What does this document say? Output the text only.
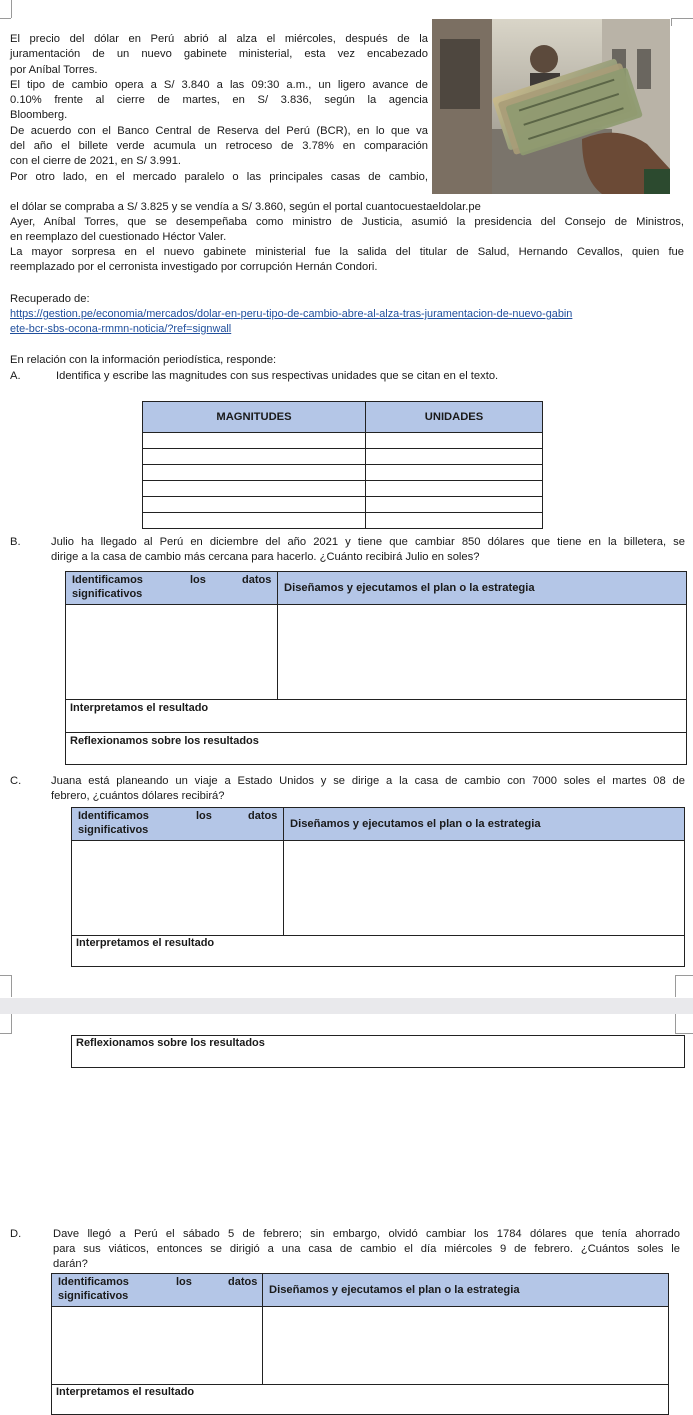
El precio del dólar en Perú abrió al alza el miércoles, después de la

juramentación de un nuevo gabinete ministerial, esta vez encabezado

por Aníbal Torres.

El tipo de cambio opera a S/ 3.840 a las 09:30 a.m., un ligero avance de

0.10% frente al cierre de martes, en S/ 3.836, según la agencia

Bloomberg.

De acuerdo con el Banco Central de Reserva del Perú (BCR), en lo que va

del año el billete verde acumula un retroceso de 3.78% en comparación

con el cierre de 2021, en S/ 3.991.

Por otro lado, en el mercado paralelo o las principales casas de cambio,

el dólar se compraba a S/ 3.825 y se vendía a S/ 3.860, según el portal cuantocuestaeldolar.pe

Ayer, Aníbal Torres, que se desempeñaba como ministro de Justicia, asumió la presidencia del Consejo de Ministros,

en reemplazo del cuestionado Héctor Valer.

La mayor sorpresa en el nuevo gabinete ministerial fue la salida del titular de Salud, Hernando Cevallos, quien fue

reemplazado por el cerronista investigado por corrupción Hernán Condori.

Recuperado de:

https://gestion.pe/economia/mercados/dolar-en-peru-tipo-de-cambio-abre-al-alza-tras-juramentacion-de-nuevo-gabin
ete-bcr-sbs-ocona-rmmn-noticia/?ref=signwall

En relación con la información periodística, responde:

A.	Identifica y escribe las magnitudes con sus respectivas unidades que se citan en el texto.

MAGNITUDES	UNIDADES

B.	Julio ha llegado al Perú en diciembre del año 2021 y tiene que cambiar 850 dólares que tiene en la billetera, se

dirige a la casa de cambio más cercana para hacerlo. ¿Cuánto recibirá Julio en soles?

Identificamos los datos
significativos	Diseñamos y ejecutamos el plan o la estrategia

Interpretamos el resultado	
Reflexionamos sobre los resultados	

C.	Juana está planeando un viaje a Estado Unidos y se dirige a la casa de cambio con 7000 soles el martes 08 de

febrero, ¿cuántos dólares recibirá?

Identificamos los datos
significativos	Diseñamos y ejecutamos el plan o la estrategia

Interpretamos el resultado	
Reflexionamos sobre los resultados

D.	Dave llegó a Perú el sábado 5 de febrero; sin embargo, olvidó cambiar los 1784 dólares que tenía ahorrado

para sus viáticos, entonces se dirigió a una casa de cambio el día miércoles 9 de febrero. ¿Cuántos soles le

darán?

Identificamos los datos
significativos	Diseñamos y ejecutamos el plan o la estrategia

Interpretamos el resultado	
